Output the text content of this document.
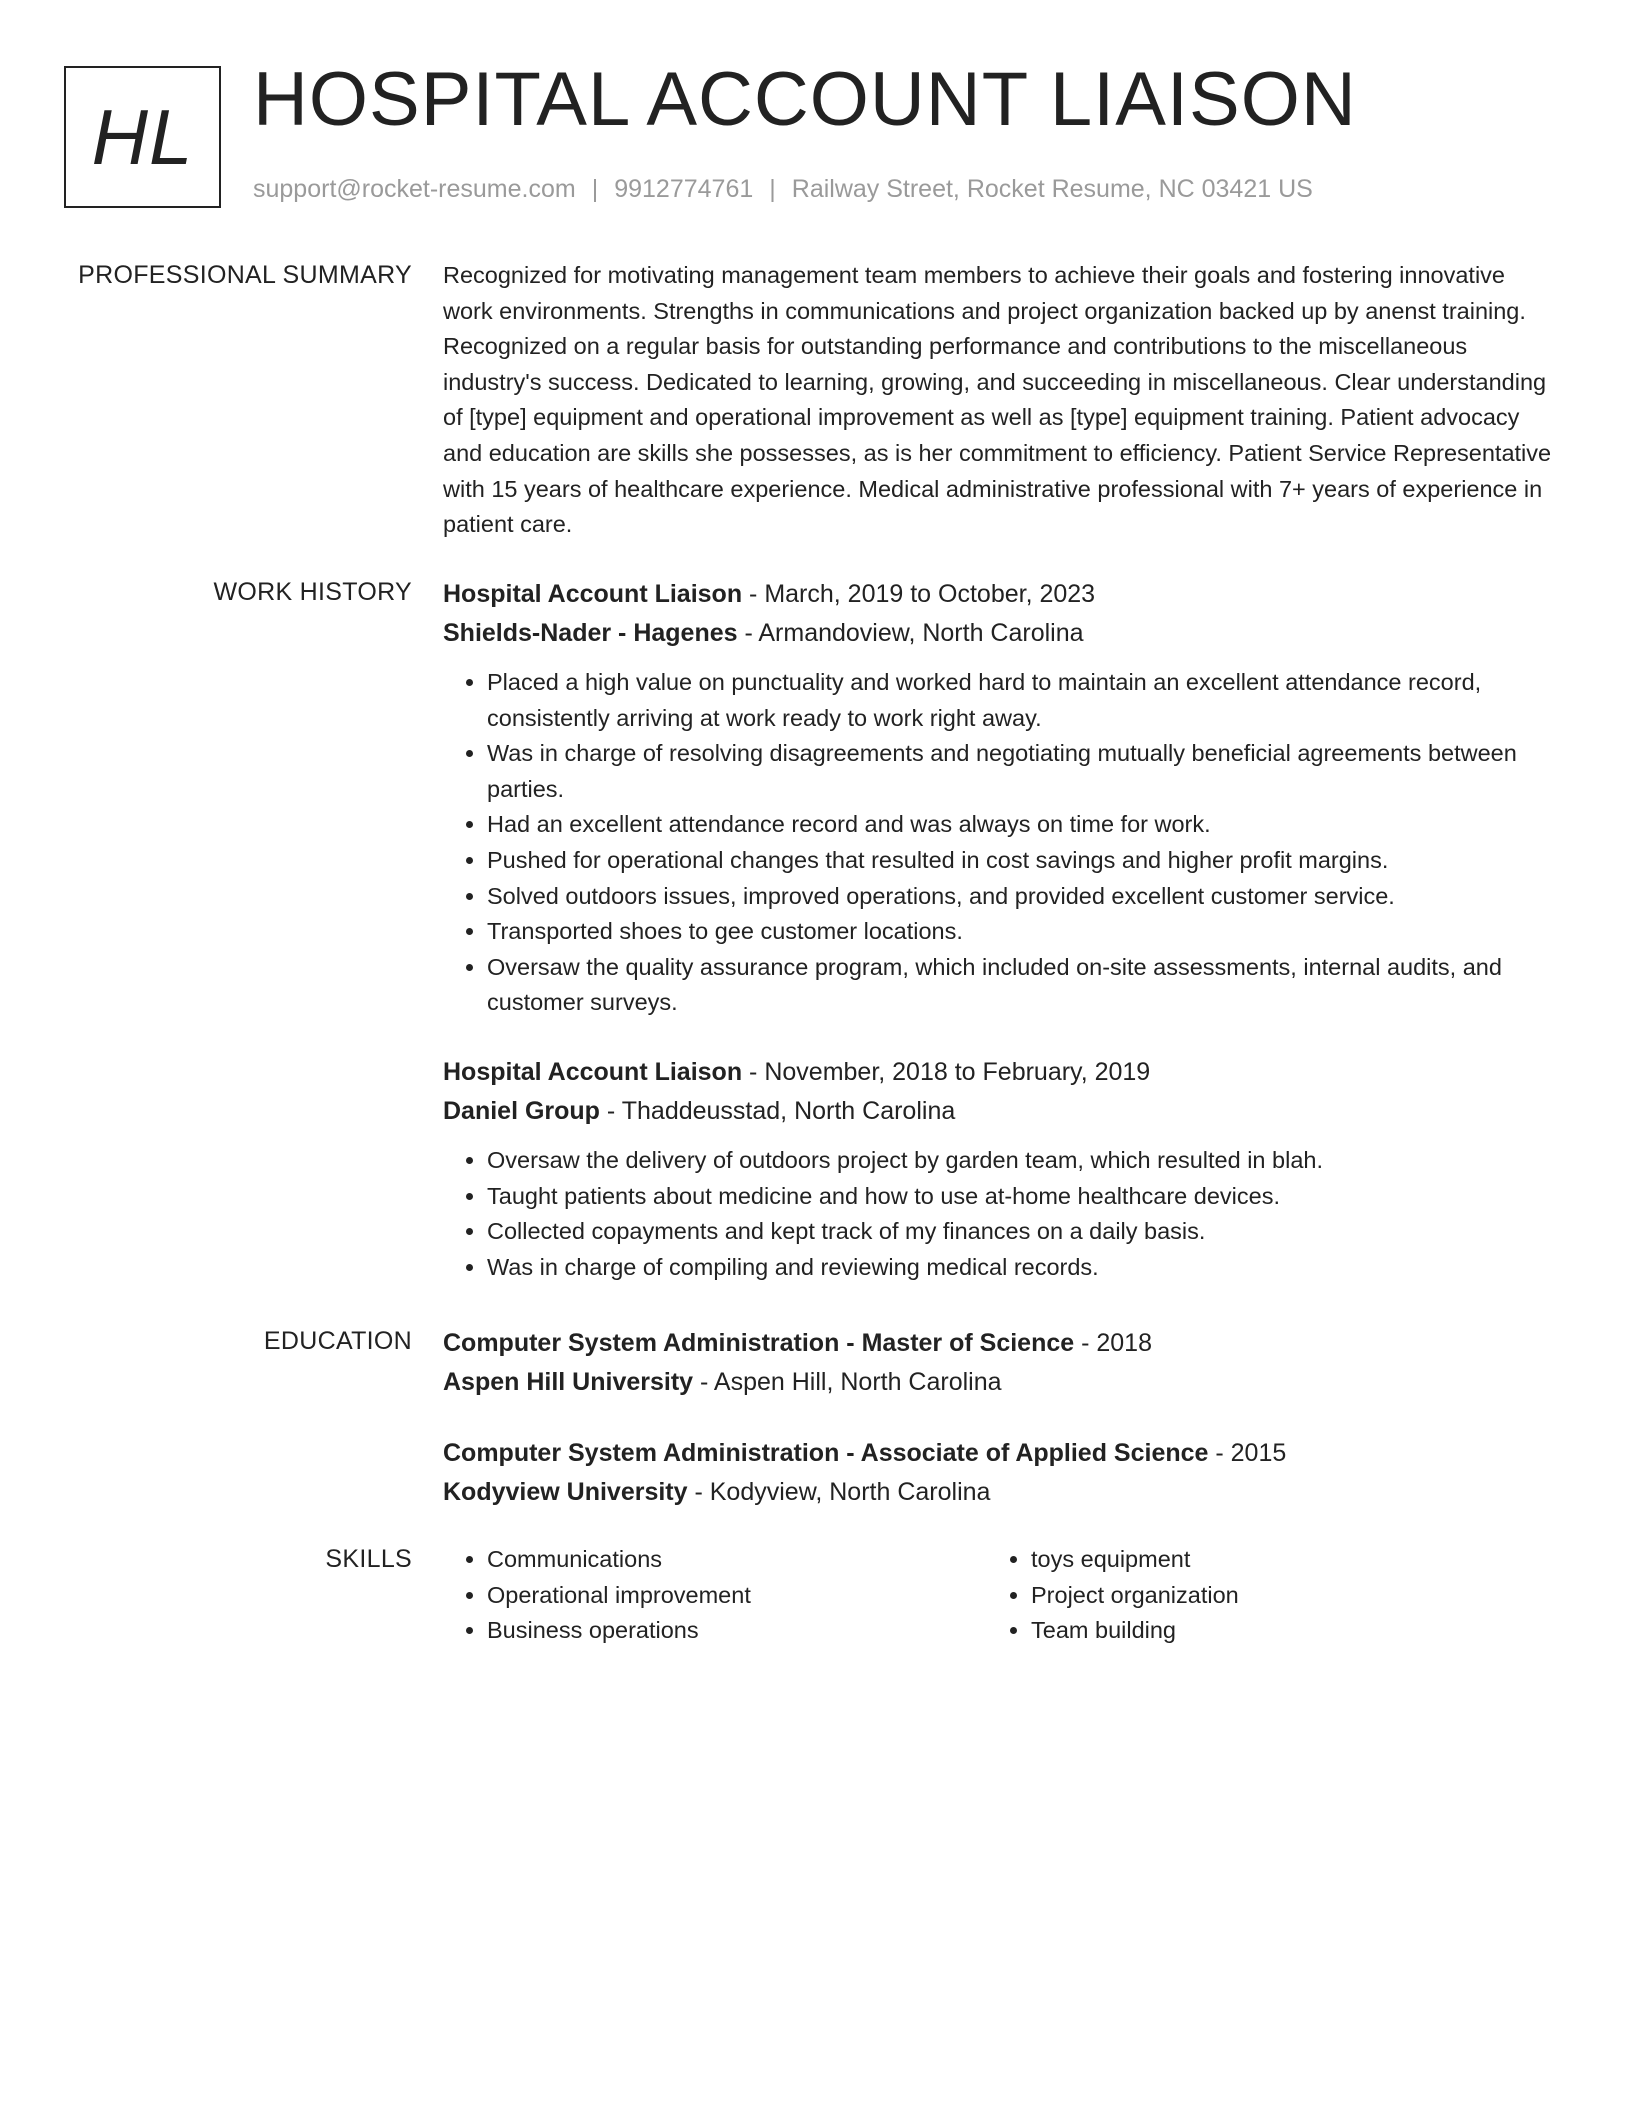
HL HOSPITAL ACCOUNT LIAISON
support@rocket-resume.com | 9912774761 | Railway Street, Rocket Resume, NC 03421 US
PROFESSIONAL SUMMARY Recognized for motivating management team members to achieve their goals and fostering innovative work environments. Strengths in communications and project organization backed up by anenst training. Recognized on a regular basis for outstanding performance and contributions to the miscellaneous industry's success. Dedicated to learning, growing, and succeeding in miscellaneous. Clear understanding of [type] equipment and operational improvement as well as [type] equipment training. Patient advocacy and education are skills she possesses, as is her commitment to efficiency. Patient Service Representative with 15 years of healthcare experience. Medical administrative professional with 7+ years of experience in patient care.

WORK HISTORY Hospital Account Liaison - March, 2019 to October, 2023
Shields-Nader - Hagenes - Armandoview, North Carolina
• Placed a high value on punctuality and worked hard to maintain an excellent attendance record, consistently arriving at work ready to work right away.
• Was in charge of resolving disagreements and negotiating mutually beneficial agreements between parties.
• Had an excellent attendance record and was always on time for work.
• Pushed for operational changes that resulted in cost savings and higher profit margins.
• Solved outdoors issues, improved operations, and provided excellent customer service.
• Transported shoes to gee customer locations.
• Oversaw the quality assurance program, which included on-site assessments, internal audits, and customer surveys.
Hospital Account Liaison - November, 2018 to February, 2019
Daniel Group - Thaddeusstad, North Carolina
• Oversaw the delivery of outdoors project by garden team, which resulted in blah.
• Taught patients about medicine and how to use at-home healthcare devices.
• Collected copayments and kept track of my finances on a daily basis.
• Was in charge of compiling and reviewing medical records.
EDUCATION Computer System Administration - Master of Science - 2018
Aspen Hill University - Aspen Hill, North Carolina
Computer System Administration - Associate of Applied Science - 2015
Kodyview University - Kodyview, North Carolina
SKILLS
•	Communications
• Operational improvement
• Business operations
• toys equipment
• Project organization
• Team building
